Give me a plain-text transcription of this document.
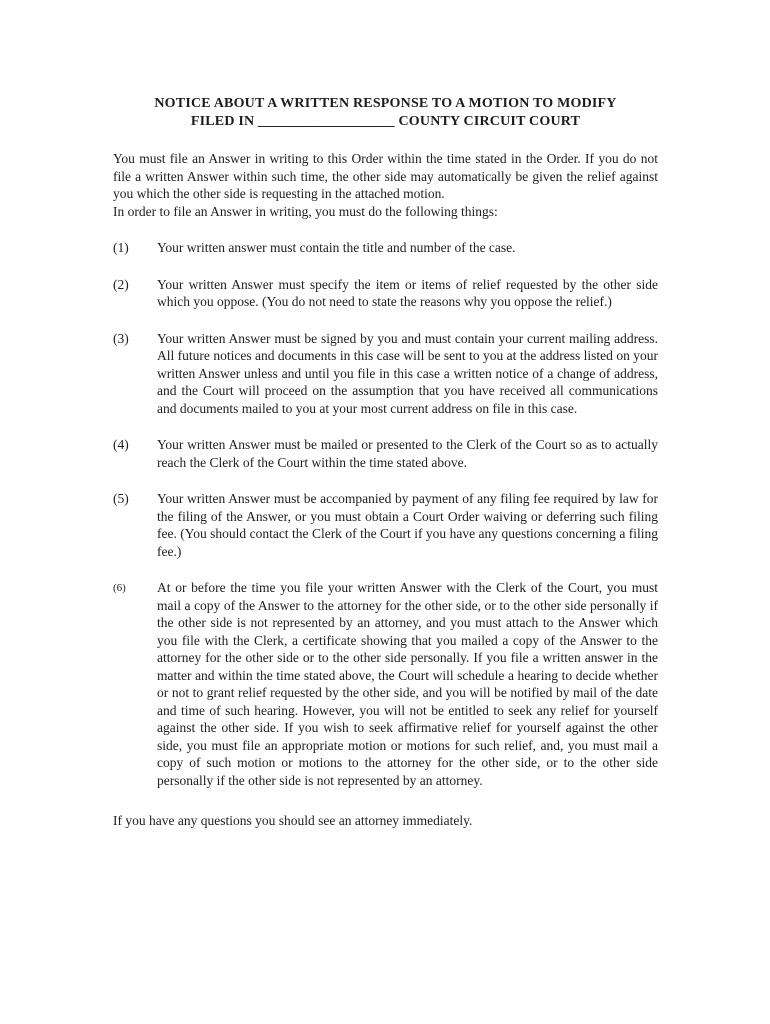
NOTICE ABOUT A WRITTEN RESPONSE TO A MOTION TO MODIFY
FILED IN ___________________ COUNTY CIRCUIT COURT
You must file an Answer in writing to this Order within the time stated in the Order. If you do not file a written Answer within such time, the other side may automatically be given the relief against you which the other side is requesting in the attached motion.
In order to file an Answer in writing, you must do the following things:
(1)	Your written answer must contain the title and number of the case.
(2)	Your written Answer must specify the item or items of relief requested by the other side which you oppose. (You do not need to state the reasons why you oppose the relief.)
(3)	Your written Answer must be signed by you and must contain your current mailing address. All future notices and documents in this case will be sent to you at the address listed on your written Answer unless and until you file in this case a written notice of a change of address, and the Court will proceed on the assumption that you have received all communications and documents mailed to you at your most current address on file in this case.
(4)	Your written Answer must be mailed or presented to the Clerk of the Court so as to actually reach the Clerk of the Court within the time stated above.
(5)	Your written Answer must be accompanied by payment of any filing fee required by law for the filing of the Answer, or you must obtain a Court Order waiving or deferring such filing fee. (You should contact the Clerk of the Court if you have any questions concerning a filing fee.)
(6)	At or before the time you file your written Answer with the Clerk of the Court, you must mail a copy of the Answer to the attorney for the other side, or to the other side personally if the other side is not represented by an attorney, and you must attach to the Answer which you file with the Clerk, a certificate showing that you mailed a copy of the Answer to the attorney for the other side or to the other side personally. If you file a written answer in the matter and within the time stated above, the Court will schedule a hearing to decide whether or not to grant relief requested by the other side, and you will be notified by mail of the date and time of such hearing. However, you will not be entitled to seek any relief for yourself against the other side. If you wish to seek affirmative relief for yourself against the other side, you must file an appropriate motion or motions for such relief, and, you must mail a copy of such motion or motions to the attorney for the other side, or to the other side personally if the other side is not represented by an attorney.
If you have any questions you should see an attorney immediately.
